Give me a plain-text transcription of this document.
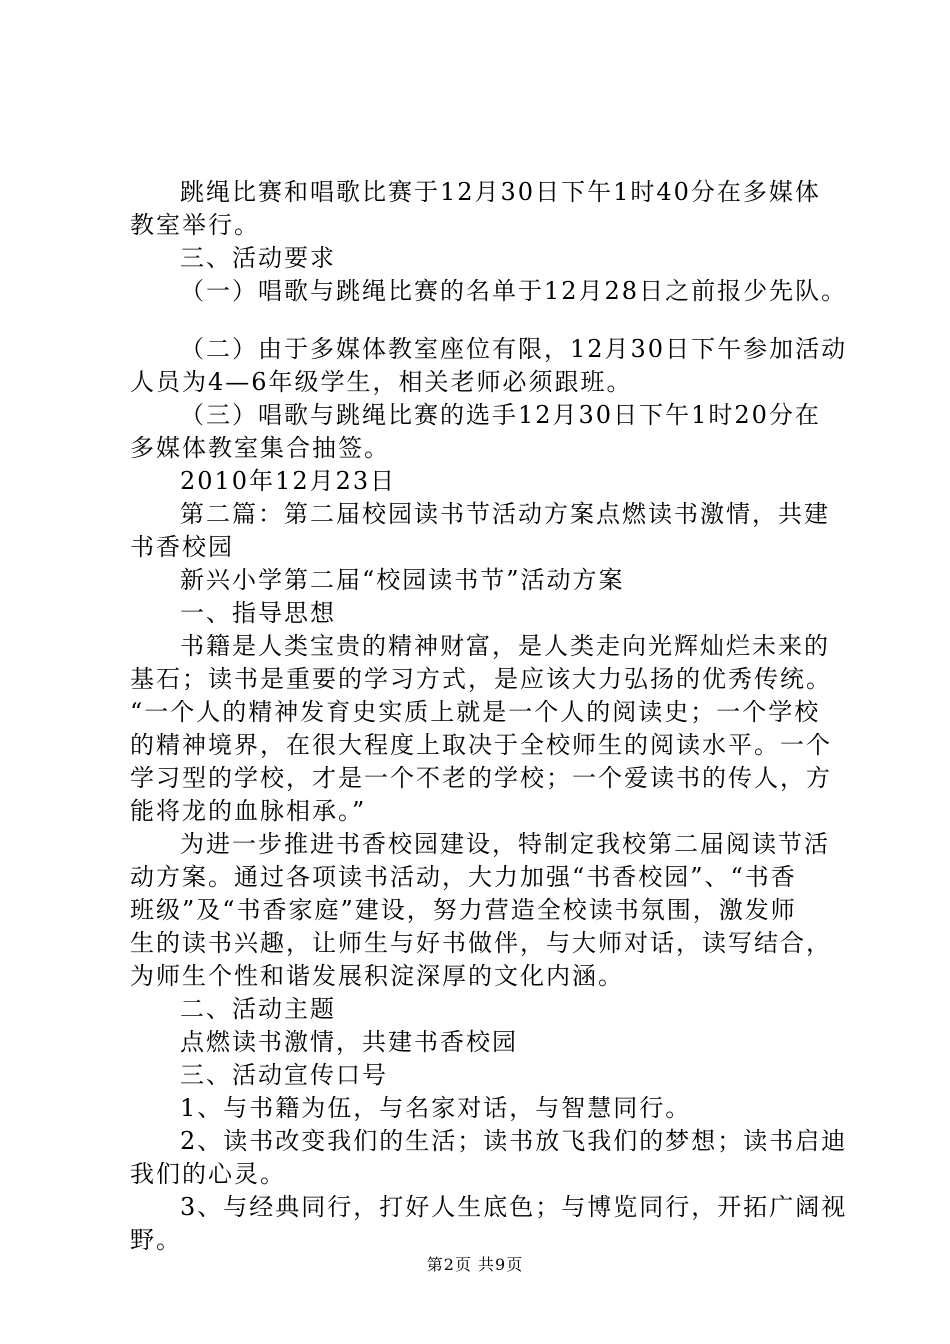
跳绳比赛和唱歌比赛于12月30日下午1时40分在多媒体
教室举行。
三、活动要求
（一）唱歌与跳绳比赛的名单于12月28日之前报少先队。
（二）由于多媒体教室座位有限，12月30日下午参加活动
人员为4—6年级学生，相关老师必须跟班。
（三）唱歌与跳绳比赛的选手12月30日下午1时20分在
多媒体教室集合抽签。
2010年12月23日
第二篇：第二届校园读书节活动方案点燃读书激情，共建
书香校园
新兴小学第二届“校园读书节”活动方案
一、指导思想
书籍是人类宝贵的精神财富，是人类走向光辉灿烂未来的
基石；读书是重要的学习方式，是应该大力弘扬的优秀传统。
“一个人的精神发育史实质上就是一个人的阅读史；一个学校
的精神境界，在很大程度上取决于全校师生的阅读水平。一个
学习型的学校，才是一个不老的学校；一个爱读书的传人，方
能将龙的血脉相承。”
为进一步推进书香校园建设，特制定我校第二届阅读节活
动方案。通过各项读书活动，大力加强“书香校园”、“书香
班级”及“书香家庭”建设，努力营造全校读书氛围，激发师
生的读书兴趣，让师生与好书做伴，与大师对话，读写结合，
为师生个性和谐发展积淀深厚的文化内涵。
二、活动主题
点燃读书激情，共建书香校园
三、活动宣传口号
1、与书籍为伍，与名家对话，与智慧同行。
2、读书改变我们的生活；读书放飞我们的梦想；读书启迪
我们的心灵。
3、与经典同行，打好人生底色；与博览同行，开拓广阔视
野。
第2页 共9页
